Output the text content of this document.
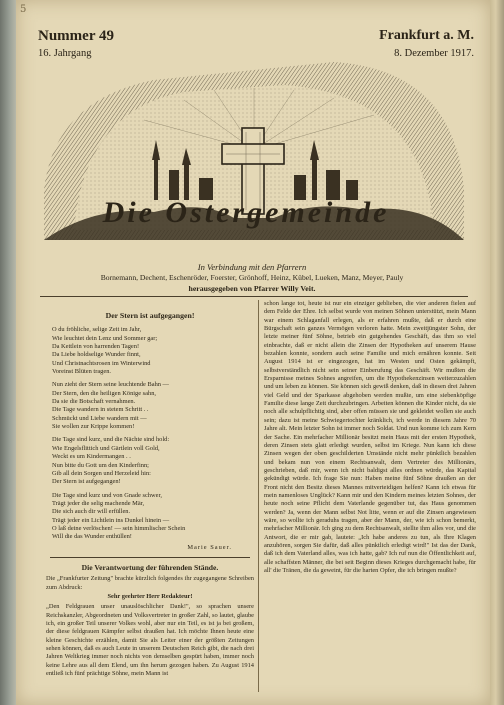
5
Nummer 49
16. Jahrgang
Frankfurt a. M.
8. Dezember 1917.
Die Ostergemeinde
In Verbindung mit den Pfarrern
Bornemann, Dechent, Eschenröder, Foerster, Grönhoff, Heinz, Kübel, Lueken, Manz, Meyer, Pauly
herausgegeben von Pfarrer Willy Veit.
Der Stern ist aufgegangen!
O du fröhliche, selige Zeit im Jahr,
Wie leuchtet dein Lenz und Sommer gar;
Da Kettlein von harrenden Tagen!
Da Liebe holdselige Wunder finnt,
Und Christnachtsrosen im Winterwind
Voreinst Blüten tragen.
Nun zieht der Stern seine leuchtende Bahn —
Der Stern, den die heiligen Könige sahn,
Da sie die Botschaft vernahmen.
Die Tage wandern in stetem Schritt . .
Schmückt und Liebe wandern mit —
Sie wollen zur Krippe kommen!
Die Tage sind kurz, und die Nächte sind hold:
Wie Engelsflittich und Gärtlein voll Gold,
Weckt es um Kindermangen . .
Nun bitte du Gott um den Kinderfinn;
Gib all dein Sorgen und Herzeleid hin:
Der Stern ist aufgegangen!
Die Tage sind kurz und von Gnade schwer,
Trägt jeder die selig machende Mär,
Die sich auch dir will erfüllen.
Trägt jeder ein Lichtlein ins Dunkel hinein —
O laß deine verlöschen! — sein himmlischer Schein
Will die das Wunder enthüllen!
Marie Sauer.
Die Verantwortung der führenden Stände.
Die „Frankfurter Zeitung" brachte kürzlich folgendes ihr zugegangene Schreiben zum Abdruck:
Sehr geehrter Herr Redakteur!
„Den Feldgrauen unser unauslöschlicher Dank!", so sprachen unsere Reichskanzler, Abgeordneten und Volksvertreter in großer Zahl, so lautet, glaube ich, ein großer Teil unserer Volkes wohl, aber nur ein Teil, es ist ja bei großem, der diese feldgrauen Kämpfer selbst draußen hat. Ich möchte Ihnen heute eine kleine Geschichte erzählen, damit Sie als Leiter einer der größten Zeitungen sehen können, daß es auch Leute in unserem Deutschen Reich gibt, die nach drei Jahren Weltkrieg immer noch nichts von demselben gespürt haben, immer noch keine Lehre aus all dem Elend, um ihn herum gezogen haben. Zu August 1914 entließ ich fünf prächtige Söhne, mein Mann ist
schon lange tot, heute ist nur ein einziger geblieben, die vier anderen fielen auf dem Felde der Ehre. Ich selbst wurde von meinen Söhnen unterstützt, mein Mann war einem Schlaganfall erlegen, als er erfahren mußte, daß er durch eine Bürgschaft sein ganzes Vermögen verloren hatte. Mein zweitjüngster Sohn, der letzte meiner fünf Söhne, betrieb ein gutgehendes Geschäft, das ihm so viel einbrachte, daß er nicht allein die Zinsen der Hypotheken auf unserem Hause bezahlen konnte, sondern auch seine Familie und mich ernähren konnte. Seit August 1914 ist er eingezogen, hat im Westen und Osten gekämpft, selbstverständlich nicht sein seiner Einberufung das Geschäft. Wir mußten die Ersparnisse meines Sohnes angreifen, um die Hypothekenzinsen weiterzuzahlen und um leben zu können. Sie können sich gewiß denken, daß in diesen drei Jahren viel Geld und der Sparkasse abgehoben werden mußte, um eine siebenköpfige Familie diese lange Zeit durchzubringen. Arbeiten können die Kinder nicht, da sie noch alle schulpflichtig sind, aber offen müssen sie und gekleidet wollen sie auch sein; dazu ist meine Schwiegertochter kränklich, ich werde in diesem Jahre 70 Jahre alt. Mein letzter Sohn ist immer noch Soldat. Und nun komme ich zum Kern der Sache. Ein mehrfacher Millionär besitzt mein Haus mit der ersten Hypothek, deren Zinsen stets glatt erledigt wurden, selbst im Kriege. Nun kann ich diese Zinsen wegen der oben geschilderten Umstände nicht mehr pünktlich bezahlen und bekam nun von einem Rechtsanwalt, dem Vertreter des Millionärs, geschrieben, daß mir, wenn ich nicht baldigst alles ordnen würde, das Kapital gekündigt würde. Ich frage Sie nun: Haben meine fünf Söhne draußen an der Front nicht den Besitz dieses Mannes mitverteidigen helfen? Kann ich etwas für mein namenloses Unglück? Kann mir und den Kindern meines letzten Sohnes, der heute noch seine Pflicht dem Vaterlande gegenüber tut, das Haus genommen werden? Ja, wenn der Mann selbst Not litte, wenn er auf die Zinsen angewiesen wäre, so wollte ich geraduhs tragen, aber der Mann, der, wie ich schon bemerkt, mehrfacher Millionär. Ich ging zu dem Rechtsanwalt, stellte ihm alles vor, und die Antwort, die er mir gab, lautete: „Ich habe anderes zu tun, als Ihre Klagen anzuhören, sorgen Sie dafür, daß alles pünktlich erledigt wird!" Ist das der Dank, daß ich dem Vaterland alles, was ich hatte, gab? Ich ruf nun die Öffentlichkeit auf, alle schaffsten Männer, die bei seit Beginn dieses Krieges durchgemacht habe, für all' die Tränen, die da geweint, für die harten Opfer, die ich bringen mußte?
